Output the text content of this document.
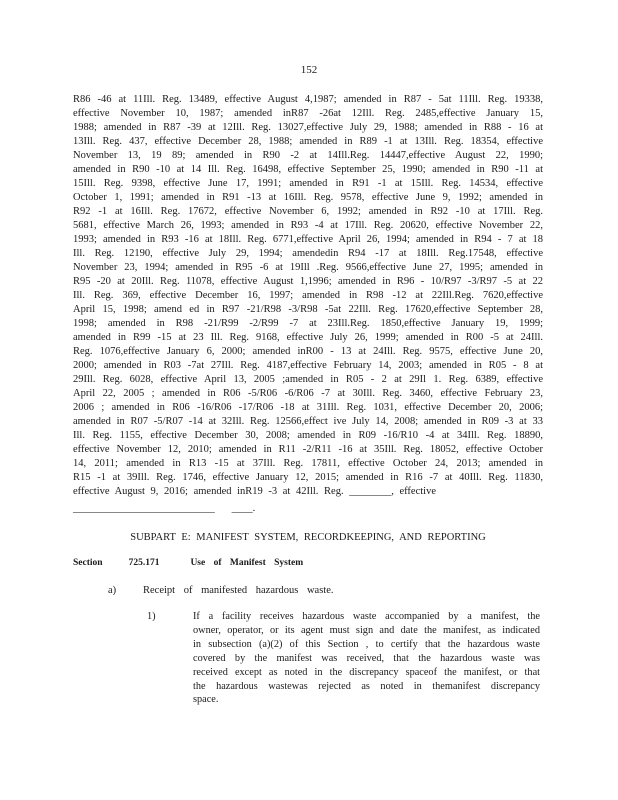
152
R86 -46 at 11Ill. Reg. 13489, effective August 4,1987; amended in R87 - 5at 11Ill. Reg. 19338,
effective November 10, 1987; amended inR87 -26at 12Ill. Reg. 2485,effective January 15,
1988; amended in R87 -39 at 12Ill. Reg. 13027,effective July 29, 1988; amended in R88 - 16 at
13Ill. Reg. 437, effective December 28, 1988; amended in R89 -1 at 13Ill. Reg. 18354, effective
November 13, 19 89; amended in R90 -2 at 14Ill.Reg. 14447,effective August 22, 1990;
amended in R90 -10 at 14 Ill. Reg. 16498, effective September 25, 1990; amended in R90 -11 at
15Ill. Reg. 9398, effective June 17, 1991; amended in R91 -1 at 15Ill. Reg. 14534, effective
October 1, 1991; amended in R91 -13 at 16Ill. Reg. 9578, effective June 9, 1992; amended in
R92 -1 at 16Ill. Reg. 17672, effective November 6, 1992; amended in R92 -10 at 17Ill. Reg.
5681, effective March 26, 1993; amended in R93 -4 at 17Ill. Reg. 20620, effective November 22,
1993; amended in R93 -16 at 18Ill. Reg. 6771,effective April 26, 1994; amended in R94 - 7 at 18
Ill. Reg. 12190, effective July 29, 1994; amendedin R94 -17 at 18Ill. Reg.17548, effective
November 23, 1994; amended in R95 -6 at 19Ill .Reg. 9566,effective June 27, 1995; amended in
R95 -20 at 20Ill. Reg. 11078, effective August 1,1996; amended in R96 - 10/R97 -3/R97 -5 at 22
Ill. Reg. 369, effective December 16, 1997; amended in R98 -12 at 22Ill.Reg. 7620,effective
April 15, 1998; amend ed in R97 -21/R98 -3/R98 -5at 22Ill. Reg. 17620,effective September 28,
1998; amended in R98 -21/R99 -2/R99 -7 at 23Ill.Reg. 1850,effective January 19, 1999;
amended in R99 -15 at 23 Ill. Reg. 9168, effective July 26, 1999; amended in R00 -5 at 24Ill.
Reg. 1076,effective January 6, 2000; amended inR00 - 13 at 24Ill. Reg. 9575, effective June 20,
2000; amended in R03 -7at 27Ill. Reg. 4187,effective February 14, 2003; amended in R05 - 8 at
29Ill. Reg. 6028, effective April 13, 2005 ;amended in R05 - 2 at 29Il 1. Reg. 6389, effective
April 22, 2005 ; amended in R06 -5/R06 -6/R06 -7 at 30Ill. Reg. 3460, effective February 23,
2006 ; amended in R06 -16/R06 -17/R06 -18 at 31Ill. Reg. 1031, effective December 20, 2006;
amended in R07 -5/R07 -14 at 32Ill. Reg. 12566,effect ive July 14, 2008; amended in R09 -3 at 33
Ill. Reg. 1155, effective December 30, 2008; amended in R09 -16/R10 -4 at 34Ill. Reg. 18890,
effective November 12, 2010; amended in R11 -2/R11 -16 at 35Ill. Reg. 18052, effective October
14, 2011; amended in R13 -15 at 37Ill. Reg. 17811, effective October 24, 2013; amended in
R15 -1 at 39Ill. Reg. 1746, effective January 12, 2015; amended in R16 -7 at 40Ill. Reg. 11830,
effective August 9, 2016; amended inR19 -3 at 42Ill. Reg. ________, effective
___________________________   ____.
SUBPART E: MANIFEST SYSTEM, RECORDKEEPING, AND REPORTING
Section	725.171	Use of Manifest System
a)	Receipt of manifested hazardous waste.
1)	If a facility receives hazardous waste accompanied by a manifest, the
owner, operator, or its agent must sign and date the manifest, as indicated
in subsection (a)(2) of this Section , to certify that the hazardous waste
covered by the manifest was received, that the hazardous waste was
received except as noted in the discrepancy spaceof the manifest, or that
the hazardous wastewas rejected as noted in themanifest discrepancy
space.
